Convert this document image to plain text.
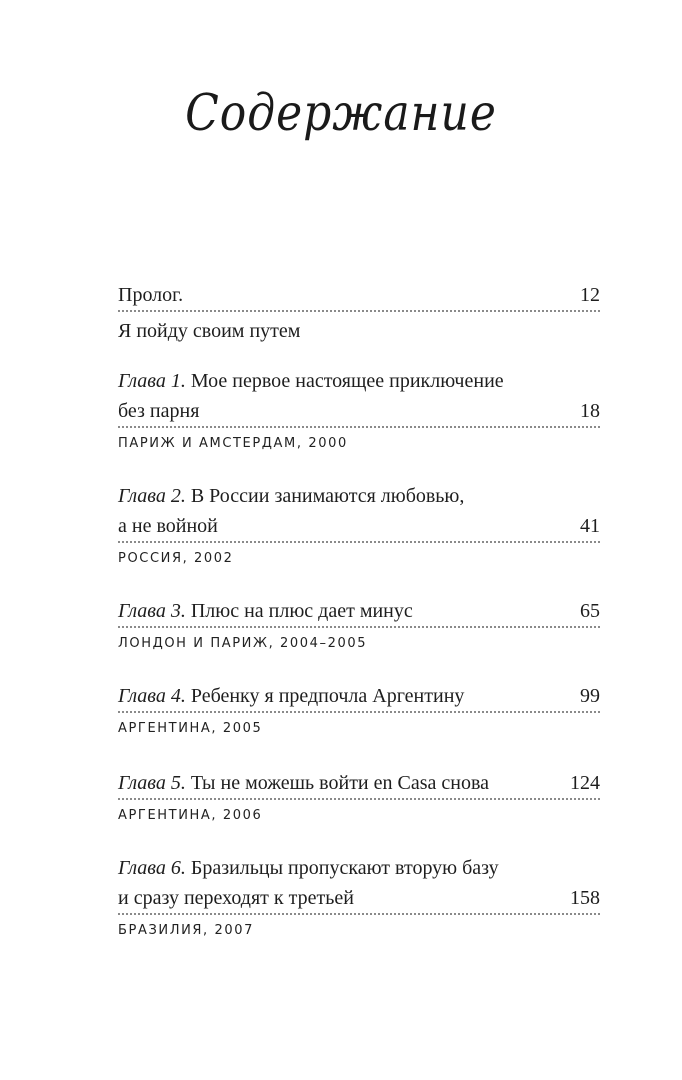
Содержание
Пролог.	12
Я пойду своим путем
Глава 1. Мое первое настоящее приключение
без парня	18
ПАРИЖ И АМСТЕРДАМ, 2000
Глава 2. В России занимаются любовью,
а не войной	41
РОССИЯ, 2002
Глава 3. Плюс на плюс дает минус	65
ЛОНДОН И ПАРИЖ, 2004–2005
Глава 4. Ребенку я предпочла Аргентину	99
АРГЕНТИНА, 2005
Глава 5. Ты не можешь войти en Casa снова	124
АРГЕНТИНА, 2006
Глава 6. Бразильцы пропускают вторую базу
и сразу переходят к третьей	158
БРАЗИЛИЯ, 2007
